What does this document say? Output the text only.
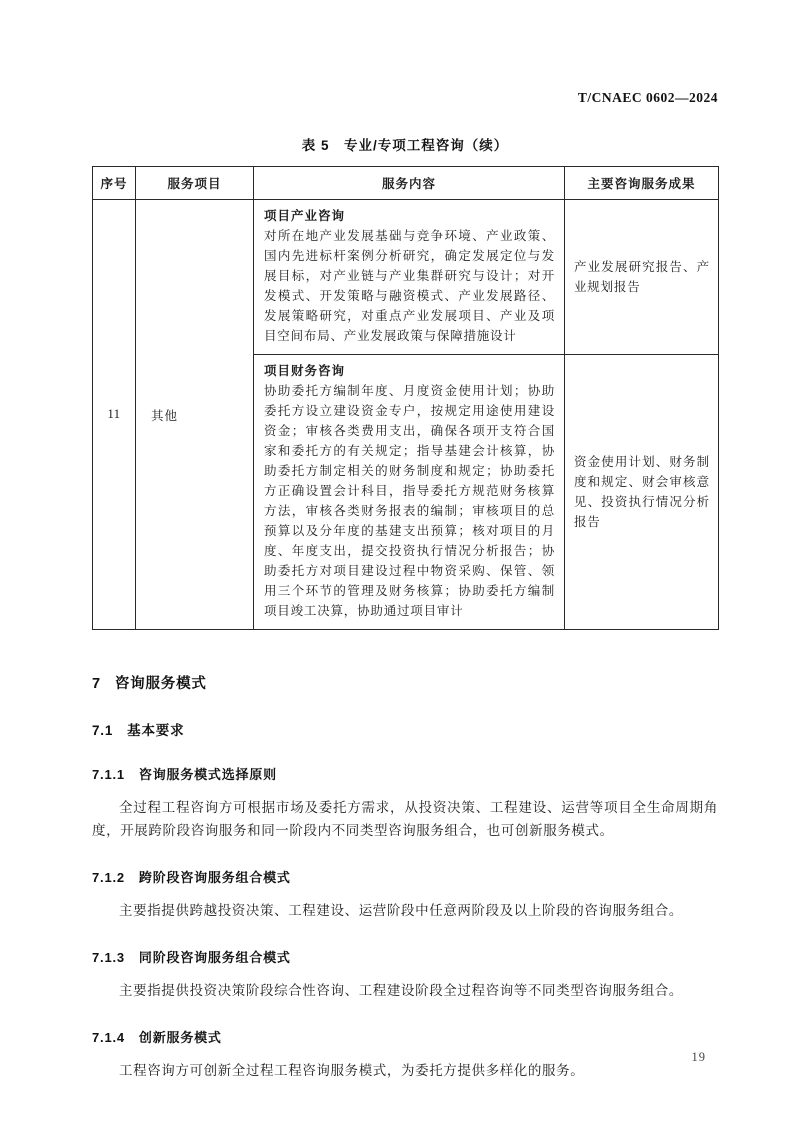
T/CNAEC 0602—2024
表 5　专业/专项工程咨询（续）
序号	服务项目	服务内容	主要咨询服务成果
11	其他	项目产业咨询
对所在地产业发展基础与竞争环境、产业政策、国内先进标杆案例分析研究，确定发展定位与发展目标，对产业链与产业集群研究与设计；对开发模式、开发策略与融资模式、产业发展路径、发展策略研究，对重点产业发展项目、产业及项目空间布局、产业发展政策与保障措施设计	产业发展研究报告、产业规划报告

		项目财务咨询
协助委托方编制年度、月度资金使用计划；协助委托方设立建设资金专户，按规定用途使用建设资金；审核各类费用支出，确保各项开支符合国家和委托方的有关规定；指导基建会计核算，协助委托方制定相关的财务制度和规定；协助委托方正确设置会计科目，指导委托方规范财务核算方法，审核各类财务报表的编制；审核项目的总预算以及分年度的基建支出预算；核对项目的月度、年度支出，提交投资执行情况分析报告；协助委托方对项目建设过程中物资采购、保管、领用三个环节的管理及财务核算；协助委托方编制项目竣工决算，协助通过项目审计	资金使用计划、财务制度和规定、财会审核意见、投资执行情况分析报告
7 咨询服务模式
7.1 基本要求
7.1.1 咨询服务模式选择原则
全过程工程咨询方可根据市场及委托方需求，从投资决策、工程建设、运营等项目全生命周期角度，开展跨阶段咨询服务和同一阶段内不同类型咨询服务组合，也可创新服务模式。
7.1.2 跨阶段咨询服务组合模式
主要指提供跨越投资决策、工程建设、运营阶段中任意两阶段及以上阶段的咨询服务组合。
7.1.3 同阶段咨询服务组合模式
主要指提供投资决策阶段综合性咨询、工程建设阶段全过程咨询等不同类型咨询服务组合。
7.1.4 创新服务模式
工程咨询方可创新全过程工程咨询服务模式，为委托方提供多样化的服务。
19
